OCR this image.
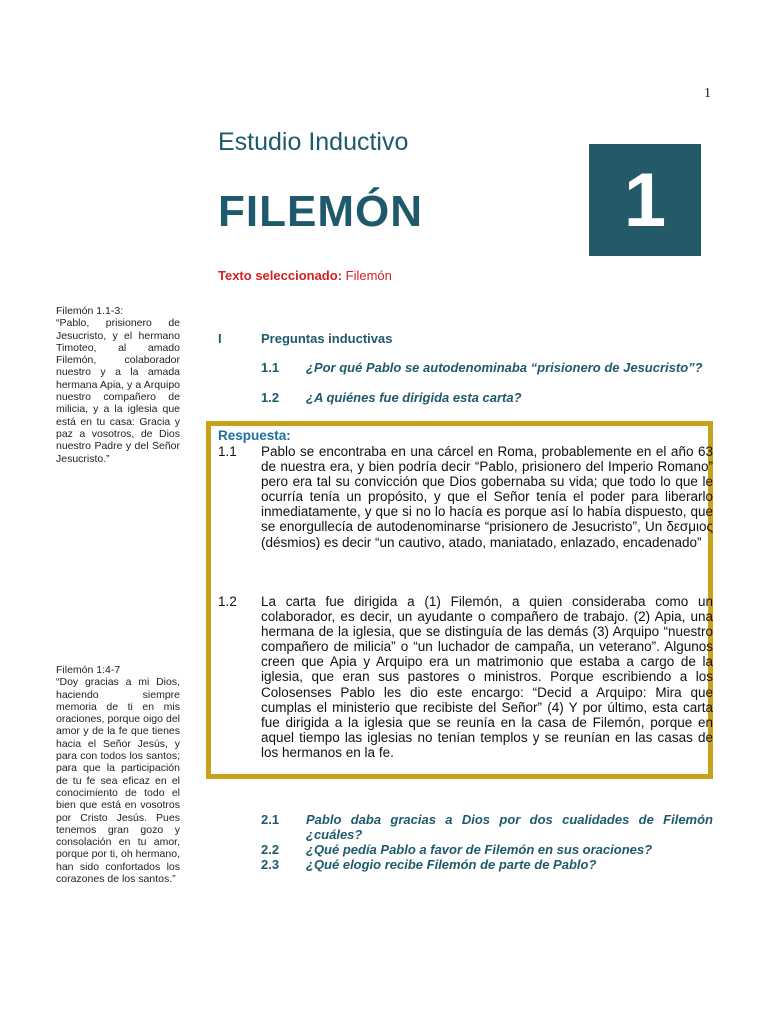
1
Estudio Inductivo
FILEMÓN	1
Texto seleccionado: Filemón
Filemón 1.1-3:
“Pablo, prisionero de Jesucristo, y el hermano Timoteo, al amado Filemón, colaborador nuestro y a la amada hermana Apia, y a Arquipo nuestro compañero de milicia, y a la iglesia que está en tu casa: Gracia y paz a vosotros, de Dios nuestro Padre y del Señor Jesucristo.”
Filemón 1:4-7
“Doy gracias a mi Dios, haciendo siempre memoria de ti en mis oraciones, porque oigo del amor y de la fe que tienes hacia el Señor Jesús, y para con todos los santos; para que la participación de tu fe sea eficaz en el conocimiento de todo el bien que está en vosotros por Cristo Jesús. Pues tenemos gran gozo y consolación en tu amor, porque por ti, oh hermano, han sido confortados los corazones de los santos.”
I	Preguntas inductivas
1.1 ¿Por qué Pablo se autodenominaba “prisionero de Jesucristo”?
1.2 ¿A quiénes fue dirigida esta carta?
Respuesta:
1.1 Pablo se encontraba en una cárcel en Roma, probablemente en el año 63 de nuestra era, y bien podría decir “Pablo, prisionero del Imperio Romano” pero era tal su convicción que Dios gobernaba su vida; que todo lo que le ocurría tenía un propósito, y que el Señor tenía el poder para liberarlo inmediatamente, y que si no lo hacía es porque así lo había dispuesto, que se enorgullecía de autodenominarse “prisionero de Jesucristo”, Un δεσμιος (désmios) es decir “un cautivo, atado, maniatado, enlazado, encadenado”
1.2 La carta fue dirigida a (1) Filemón, a quien consideraba como un colaborador, es decir, un ayudante o compañero de trabajo. (2) Apia, una hermana de la iglesia, que se distinguía de las demás (3) Arquipo “nuestro compañero de milicia” o “un luchador de campaña, un veterano”. Algunos creen que Apia y Arquipo era un matrimonio que estaba a cargo de la iglesia, que eran sus pastores o ministros. Porque escribiendo a los Colosenses Pablo les dio este encargo: “Decid a Arquipo: Mira que cumplas el ministerio que recibiste del Señor” (4) Y por último, esta carta fue dirigida a la iglesia que se reunía en la casa de Filemón, porque en aquel tiempo las iglesias no tenían templos y se reunían en las casas de los hermanos en la fe.
2.1 Pablo daba gracias a Dios por dos cualidades de Filemón ¿cuáles?
2.2 ¿Qué pedía Pablo a favor de Filemón en sus oraciones?
2.3 ¿Qué elogio recibe Filemón de parte de Pablo?
